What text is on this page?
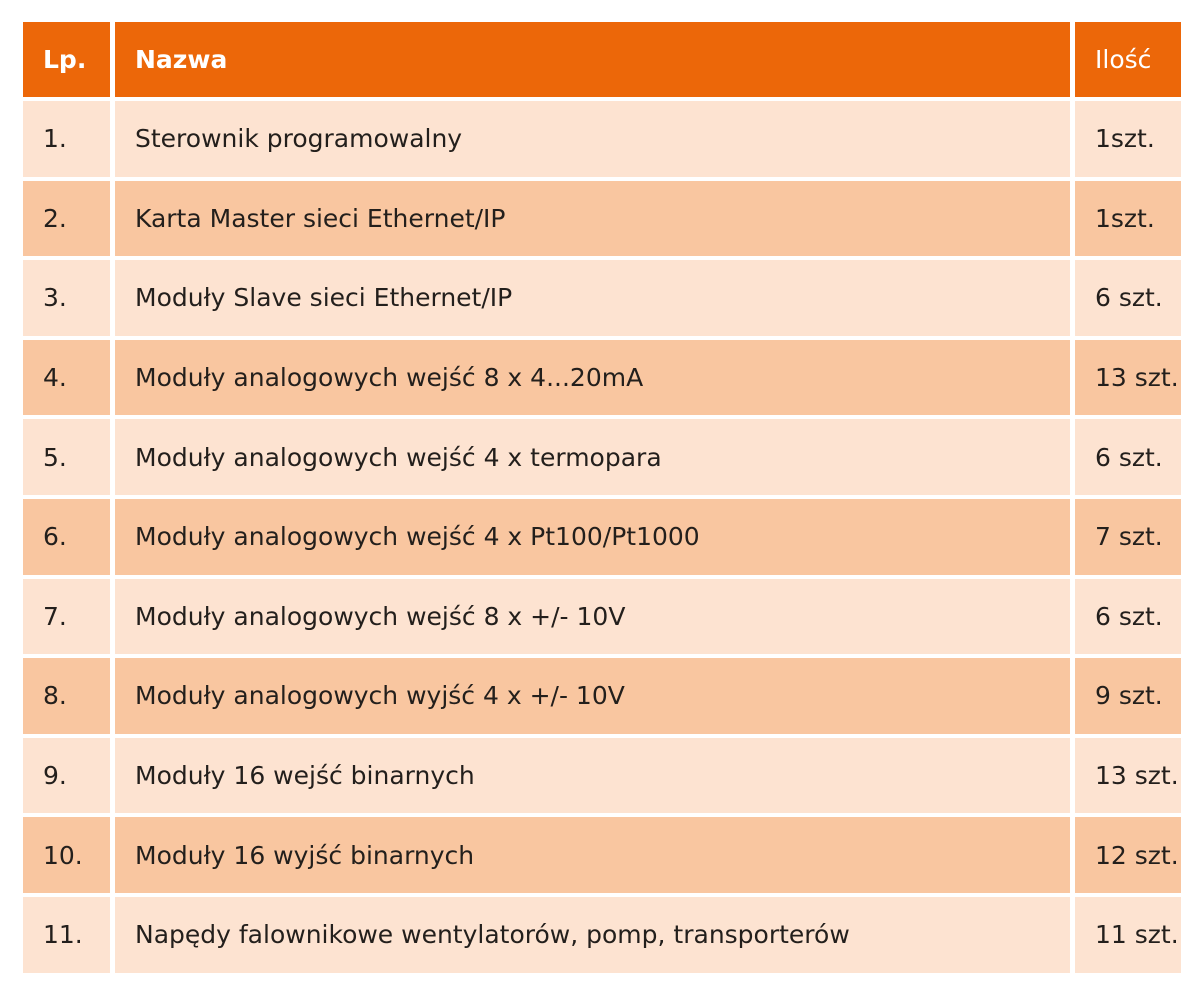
Lp.	Nazwa	Ilość
1.	Sterownik programowalny	1szt.
2.	Karta Master sieci Ethernet/IP	1szt.
3.	Moduły Slave sieci Ethernet/IP	6 szt.
4.	Moduły analogowych wejść 8 x 4...20mA	13 szt.
5.	Moduły analogowych wejść 4 x termopara	6 szt.
6.	Moduły analogowych wejść 4 x Pt100/Pt1000	7 szt.
7.	Moduły analogowych wejść 8 x +/- 10V	6 szt.
8.	Moduły analogowych wyjść 4 x +/- 10V	9 szt.
9.	Moduły 16 wejść binarnych	13 szt.
10.	Moduły 16 wyjść binarnych	12 szt.
11.	Napędy falownikowe wentylatorów, pomp, transporterów	11 szt.
